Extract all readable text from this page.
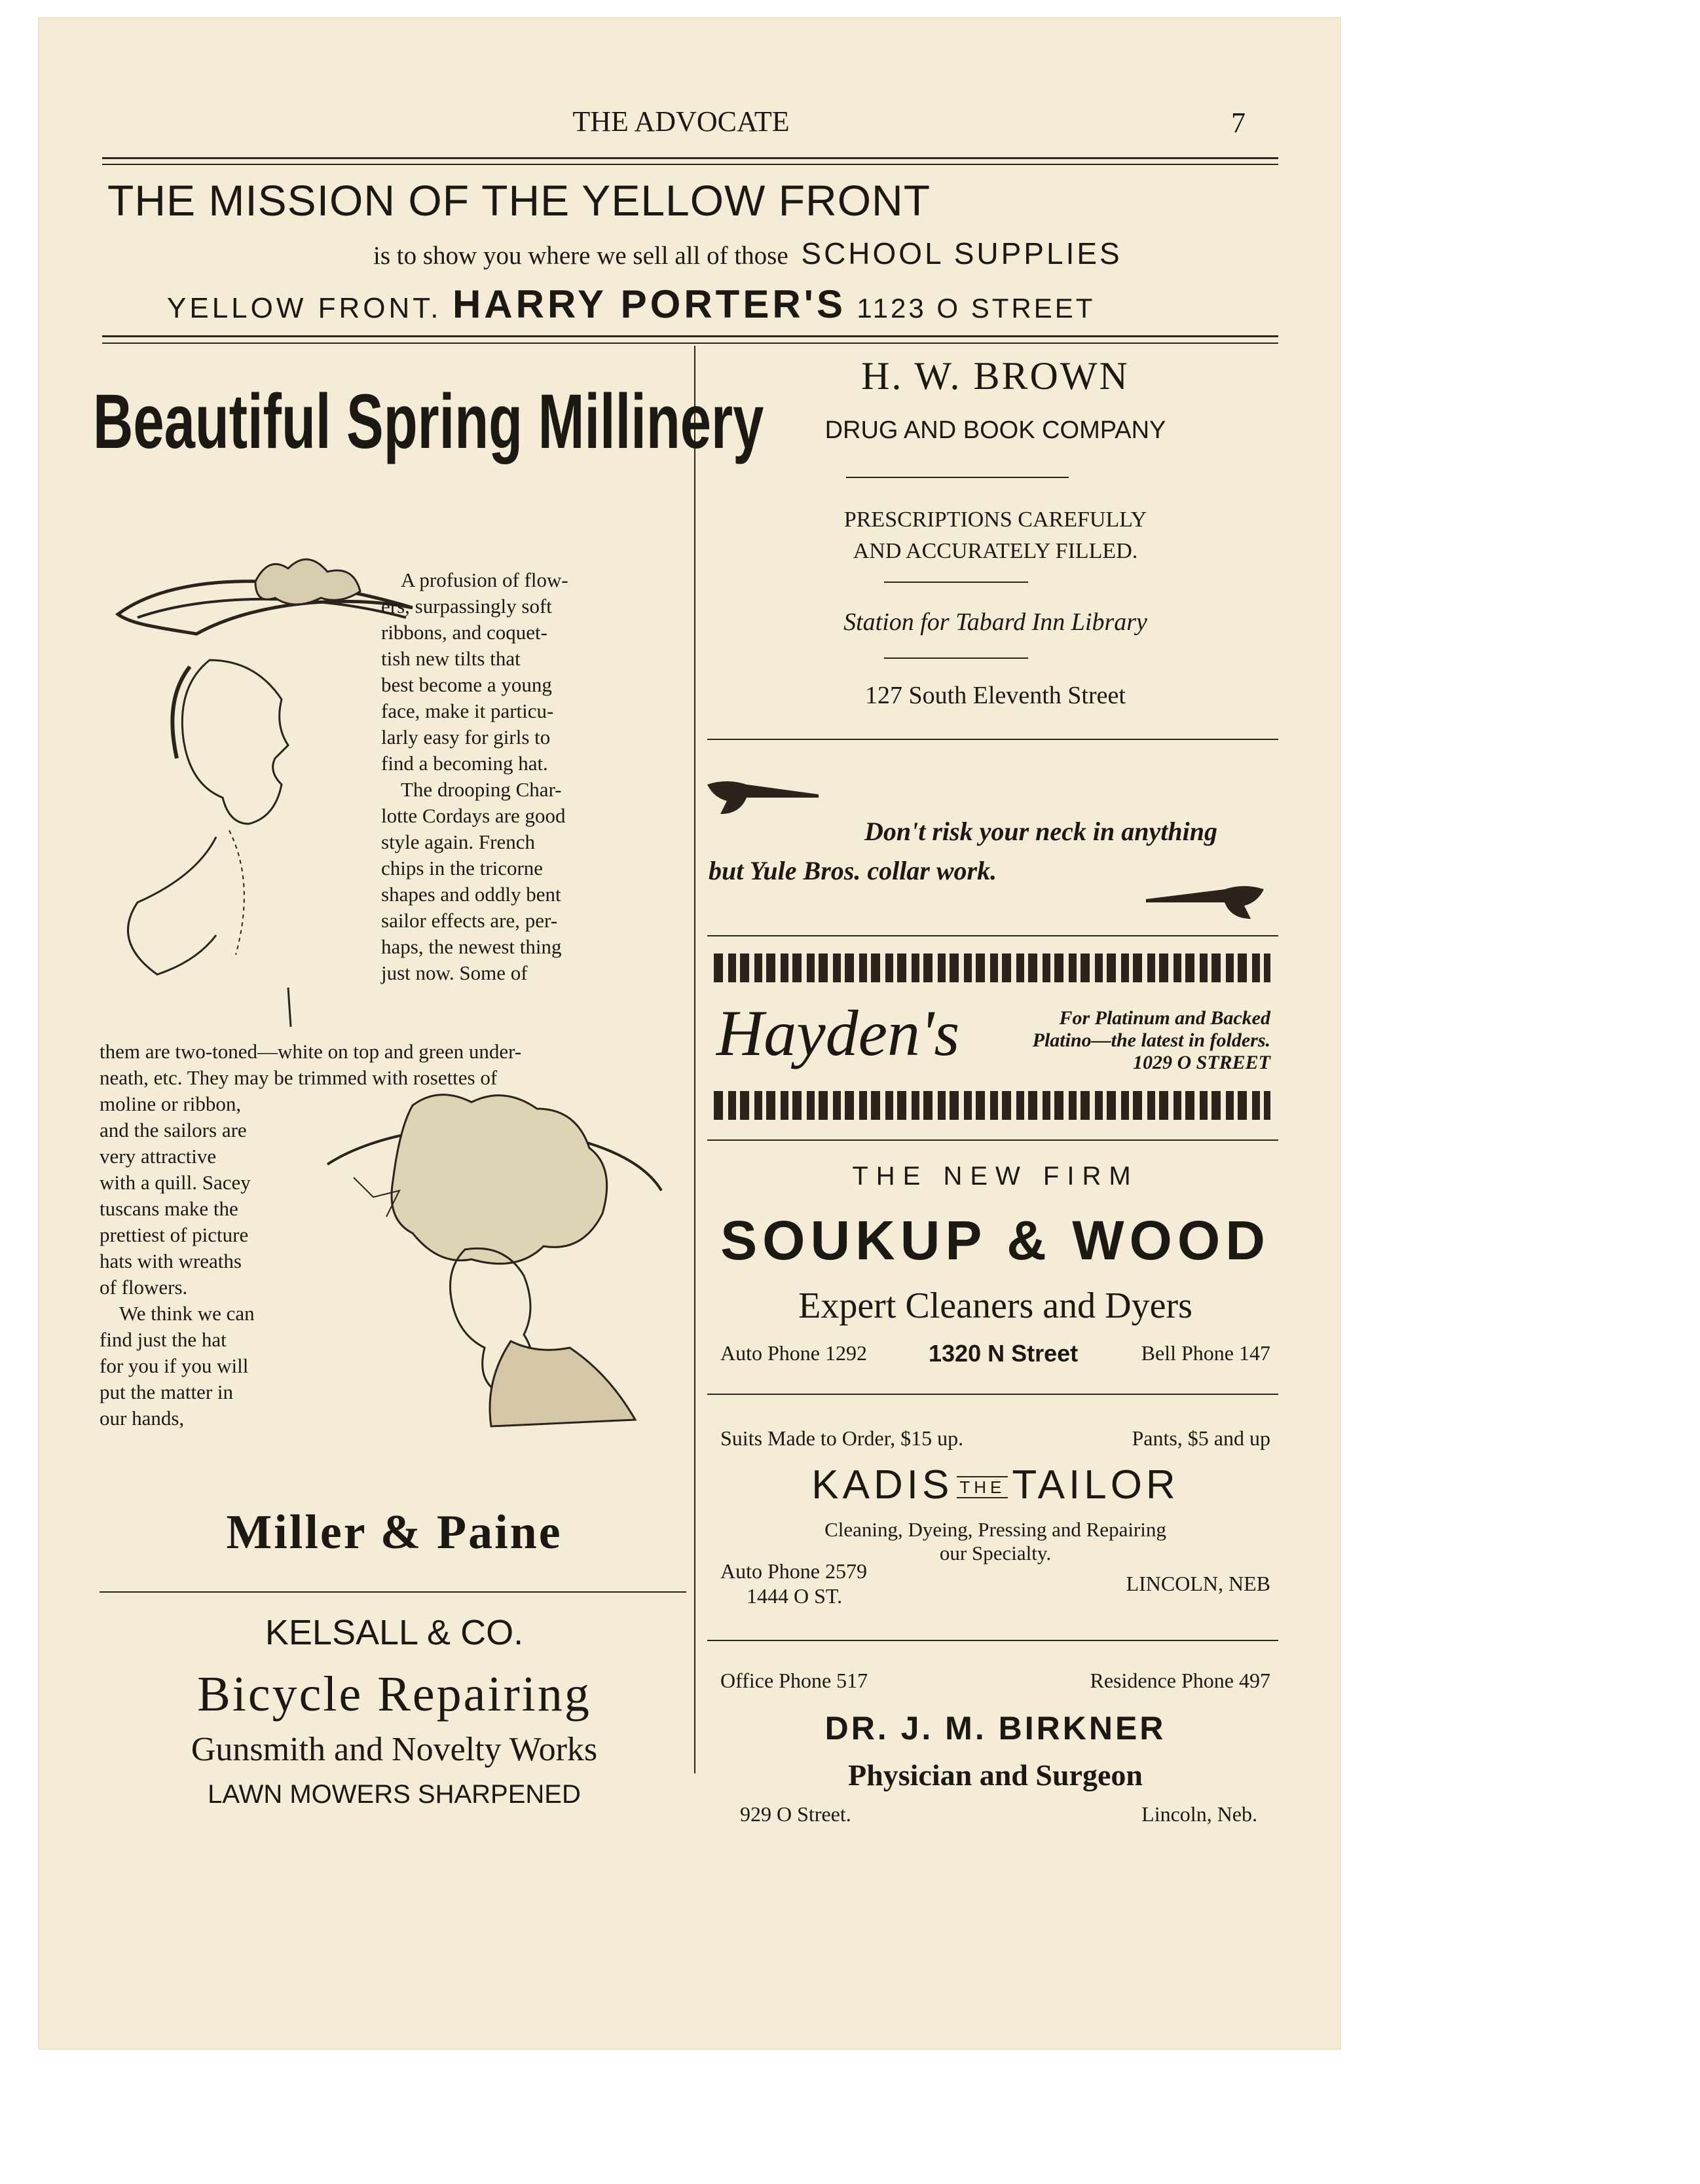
THE ADVOCATE	7
THE MISSION OF THE YELLOW FRONT
is to show you where we sell all of those SCHOOL SUPPLIES
YELLOW FRONT. HARRY PORTER'S 1123 O STREET
Beautiful Spring Millinery
A profusion of flow-
ers, surpassingly soft
ribbons, and coquet-
tish new tilts that
best become a young
face, make it particu-
larly easy for girls to
find a becoming hat.
The drooping Char-
lotte Cordays are good
style again. French
chips in the tricorne
shapes and oddly bent
sailor effects are, per-
haps, the newest thing
just now. Some of
them are two-toned—white on top and green under-
neath, etc. They may be trimmed with rosettes of
moline or ribbon,
and the sailors are
very attractive
with a quill. Sacey
tuscans make the
prettiest of picture
hats with wreaths
of flowers.
We think we can
find just the hat
for you if you will
put the matter in
our hands,
Miller & Paine
KELSALL & CO.
Bicycle Repairing
Gunsmith and Novelty Works
LAWN MOWERS SHARPENED
H. W. BROWN
DRUG AND BOOK COMPANY
PRESCRIPTIONS CAREFULLY
AND ACCURATELY FILLED.
Station for Tabard Inn Library
127 South Eleventh Street
Don't risk your neck in anything
but Yule Bros. collar work.
Hayden's	For Platinum and Backed
Platino—the latest in folders.
1029 O STREET
THE NEW FIRM
SOUKUP & WOOD
Expert Cleaners and Dyers
Auto Phone 1292	1320 N Street	Bell Phone 147
Suits Made to Order, $15 up.	Pants, $5 and up
KADIS THE TAILOR
Cleaning, Dyeing, Pressing and Repairing
our Specialty.
Auto Phone 2579
1444 O ST.
LINCOLN, NEB
Office Phone 517	Residence Phone 497
DR. J. M. BIRKNER
Physician and Surgeon
929 O Street.	Lincoln, Neb.
